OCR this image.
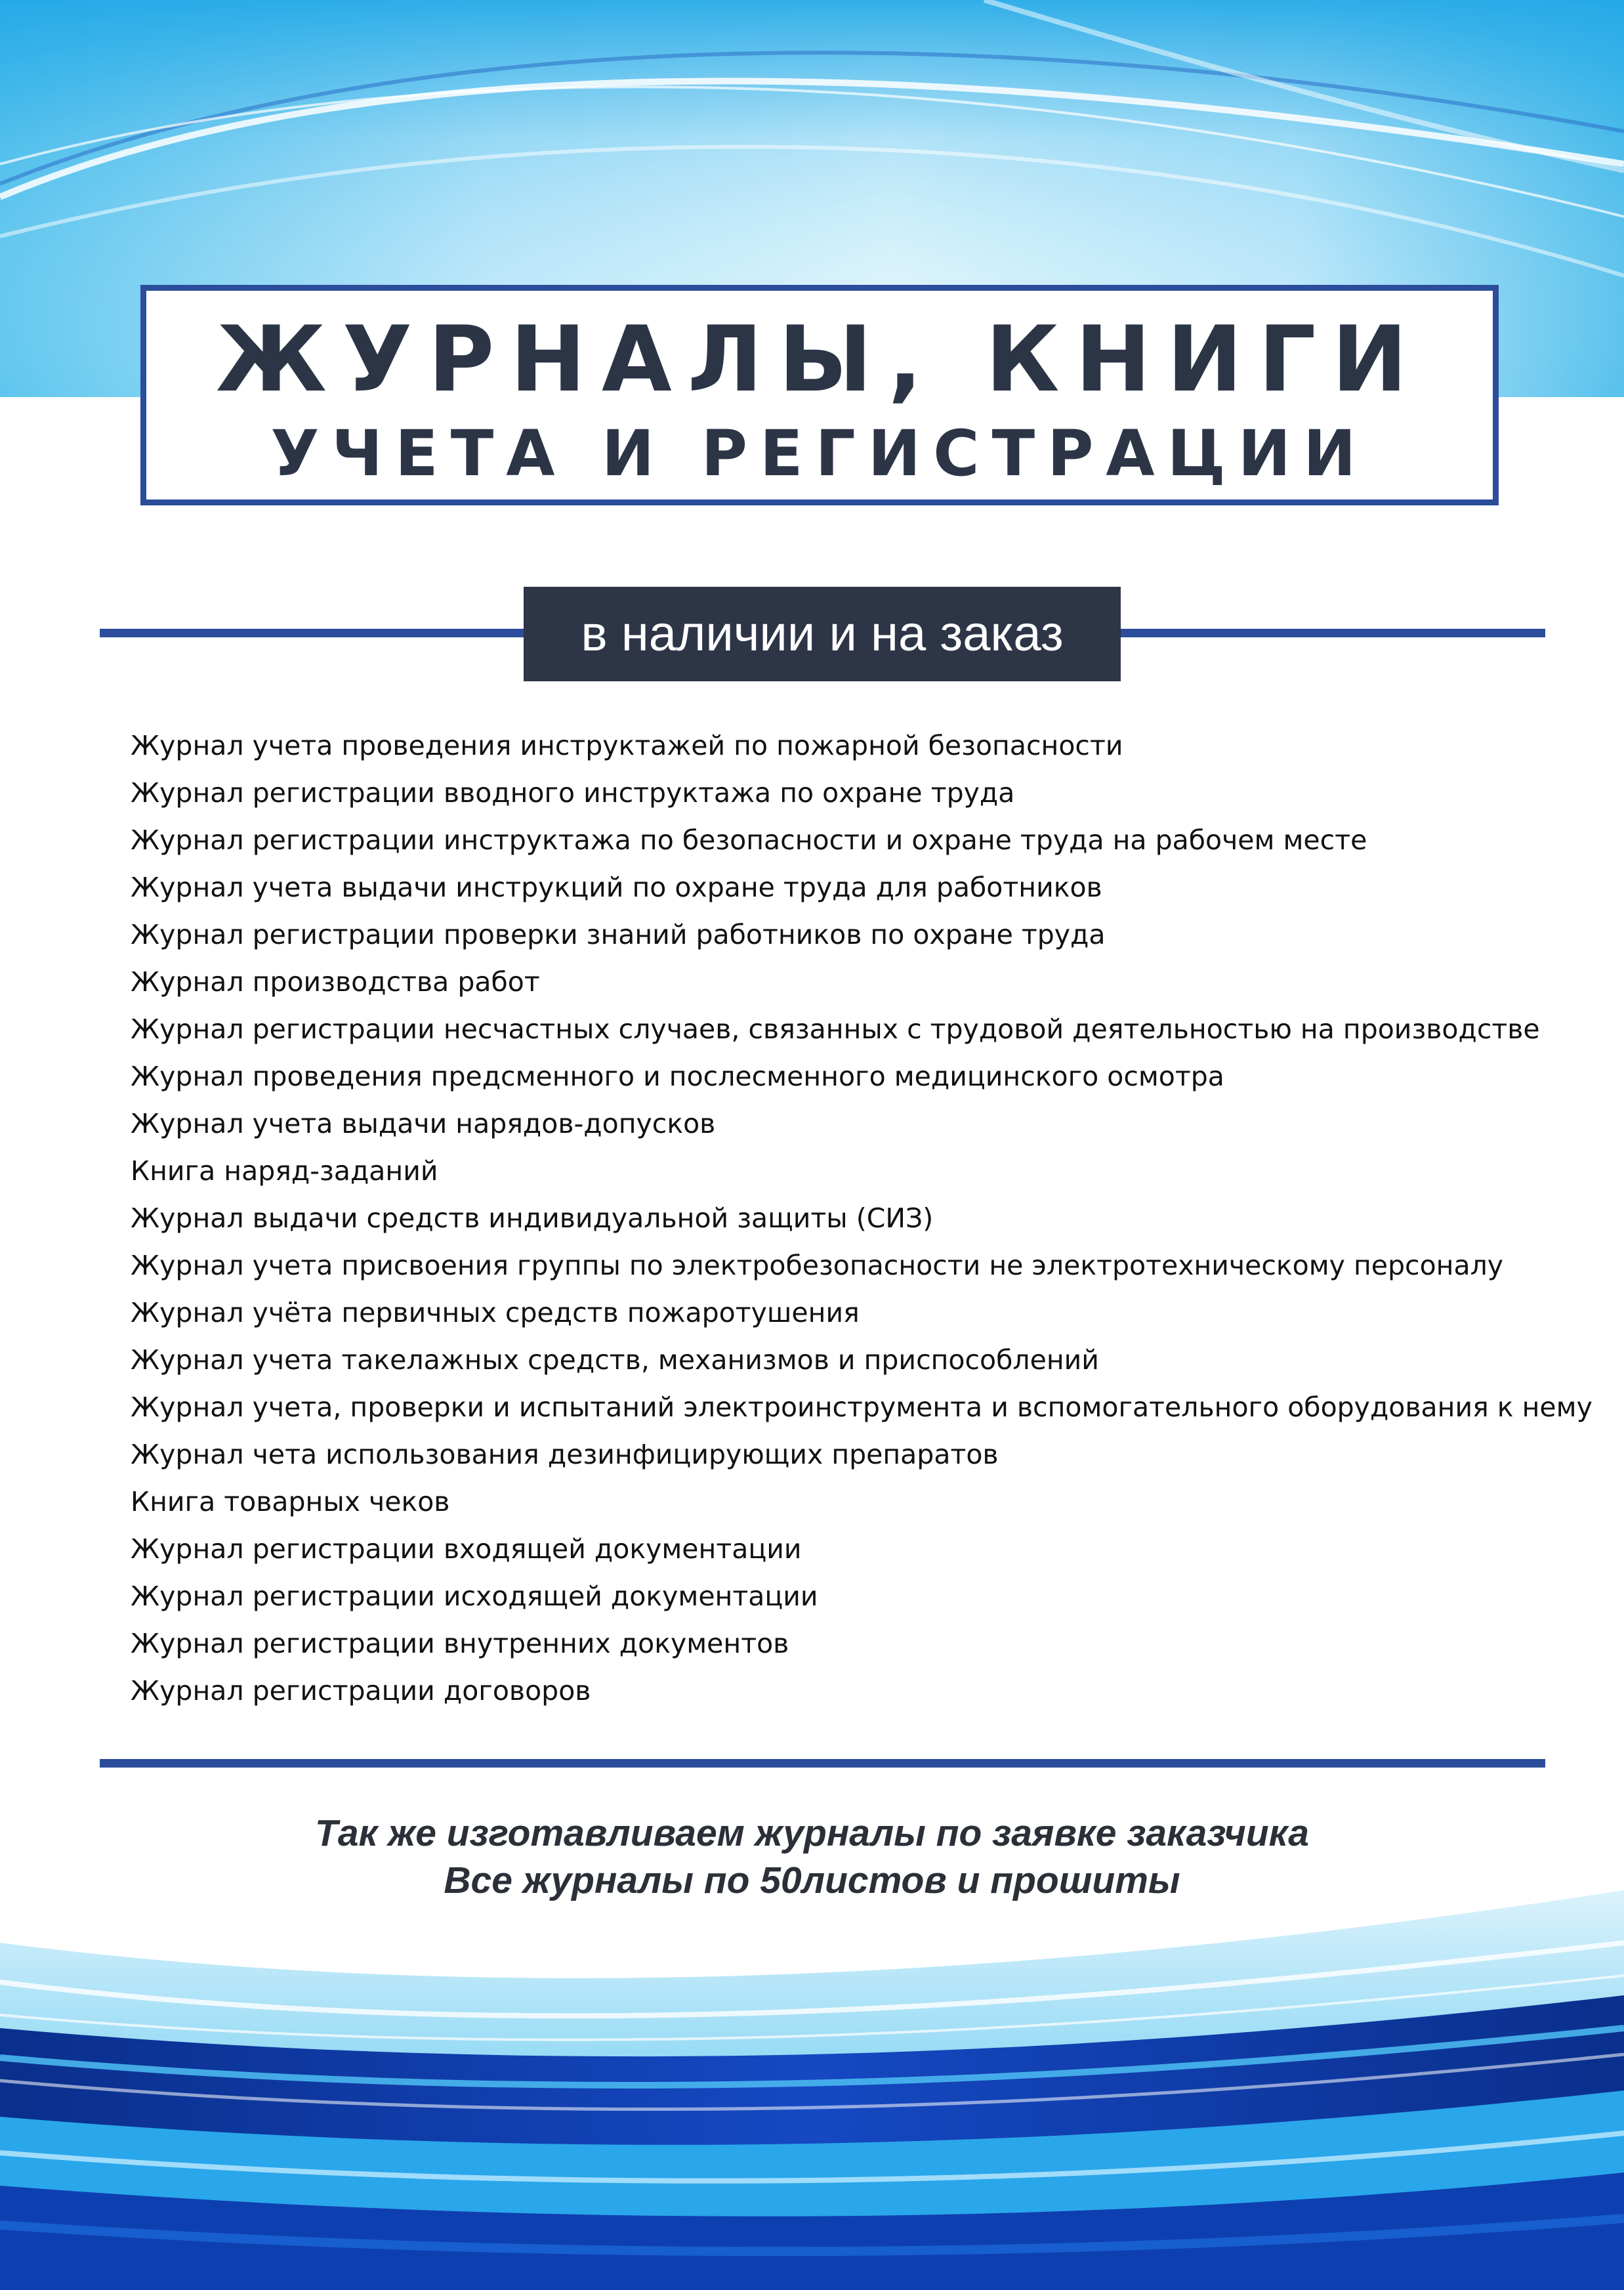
ЖУРНАЛЫ, КНИГИ
УЧЕТА И РЕГИСТРАЦИИ
в наличии и на заказ
Журнал учета проведения инструктажей по пожарной безопасности
Журнал регистрации вводного инструктажа по охране труда
Журнал регистрации инструктажа по безопасности и охране труда на рабочем месте
Журнал учета выдачи инструкций по охране труда для работников
Журнал регистрации проверки знаний работников по охране труда
Журнал производства работ
Журнал регистрации несчастных случаев, связанных с трудовой деятельностью на производстве
Журнал проведения предсменного и послесменного медицинского осмотра
Журнал учета выдачи нарядов-допусков
Книга наряд-заданий
Журнал выдачи средств индивидуальной защиты (СИЗ)
Журнал учета присвоения группы по электробезопасности не электротехническому персоналу
Журнал учёта первичных средств пожаротушения
Журнал учета такелажных средств, механизмов и приспособлений
Журнал учета, проверки и испытаний электроинструмента и вспомогательного оборудования к нему
Журнал чета использования дезинфицирующих препаратов
Книга товарных чеков
Журнал регистрации входящей документации
Журнал регистрации исходящей документации
Журнал регистрации внутренних документов
Журнал регистрации договоров
Так же изготавливаем журналы по заявке заказчика
Все журналы по 50листов и прошиты
